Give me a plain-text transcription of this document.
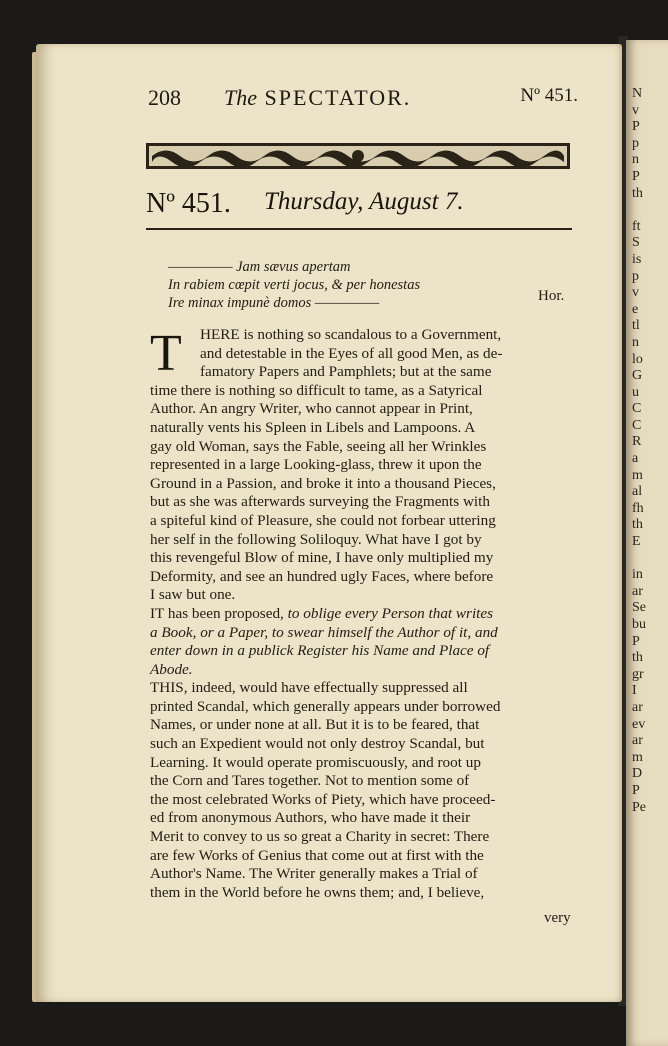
N
v
P
p
n
P
th
ft
S
is
p
v
e
tl
n
lo
G
u
C
C
R
a
m
al
fh
th
E
in
ar
Se
bu
P
th
gr
I
ar
ev
ar
m
D
P
Pe
208 The SPECTATOR.	Nº 451.
Nº 451. Thursday, August 7.
————— Jam sævus apertam
In rabiem cœpit verti jocus, & per honestas
Ire minax impunè domos —————	Hor.
T	HERE is nothing so scandalous to a Government,
and detestable in the Eyes of all good Men, as de-
famatory Papers and Pamphlets; but at the same
time there is nothing so difficult to tame, as a Satyrical
Author. An angry Writer, who cannot appear in Print,
naturally vents his Spleen in Libels and Lampoons. A
gay old Woman, says the Fable, seeing all her Wrinkles
represented in a large Looking-glass, threw it upon the
Ground in a Passion, and broke it into a thousand Pieces,
but as she was afterwards surveying the Fragments with
a spiteful kind of Pleasure, she could not forbear uttering
her self in the following Soliloquy. What have I got by
this revengeful Blow of mine, I have only multiplied my
Deformity, and see an hundred ugly Faces, where before
I saw but one.
IT has been proposed, to oblige every Person that writes
a Book, or a Paper, to swear himself the Author of it, and
enter down in a publick Register his Name and Place of
Abode.
THIS, indeed, would have effectually suppressed all
printed Scandal, which generally appears under borrowed
Names, or under none at all. But it is to be feared, that
such an Expedient would not only destroy Scandal, but
Learning. It would operate promiscuously, and root up
the Corn and Tares together. Not to mention some of
the most celebrated Works of Piety, which have proceed-
ed from anonymous Authors, who have made it their
Merit to convey to us so great a Charity in secret: There
are few Works of Genius that come out at first with the
Author's Name. The Writer generally makes a Trial of
them in the World before he owns them; and, I believe,
very
